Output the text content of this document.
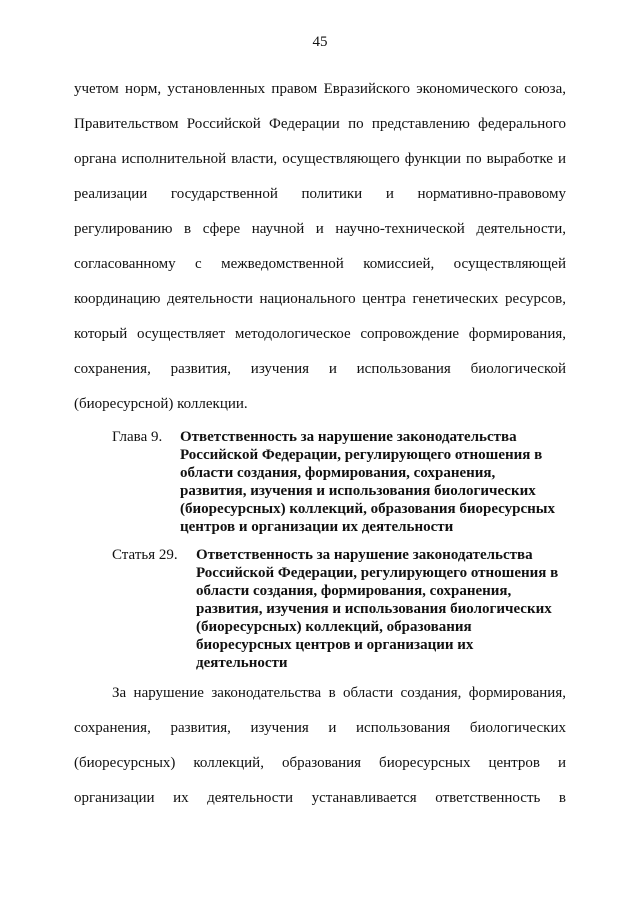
45
учетом норм, установленных правом Евразийского экономического союза,
Правительством Российской Федерации по представлению федерального
органа исполнительной власти, осуществляющего функции по выработке и
реализации государственной политики и нормативно-правовому
регулированию в сфере научной и научно-технической деятельности,
согласованному с межведомственной комиссией, осуществляющей
координацию деятельности национального центра генетических ресурсов,
который осуществляет методологическое сопровождение формирования,
сохранения, развития, изучения и использования биологической
(биоресурсной) коллекции.
Глава 9. Ответственность за нарушение законодательства
Российской Федерации, регулирующего отношения в
области создания, формирования, сохранения,
развития, изучения и использования биологических
(биоресурсных) коллекций, образования биоресурсных
центров и организации их деятельности
Статья 29. Ответственность за нарушение законодательства
Российской Федерации, регулирующего отношения в
области создания, формирования, сохранения,
развития, изучения и использования биологических
(биоресурсных) коллекций, образования
биоресурсных центров и организации их
деятельности
За нарушение законодательства в области создания, формирования,
сохранения, развития, изучения и использования биологических
(биоресурсных) коллекций, образования биоресурсных центров и
организации их деятельности устанавливается ответственность в
